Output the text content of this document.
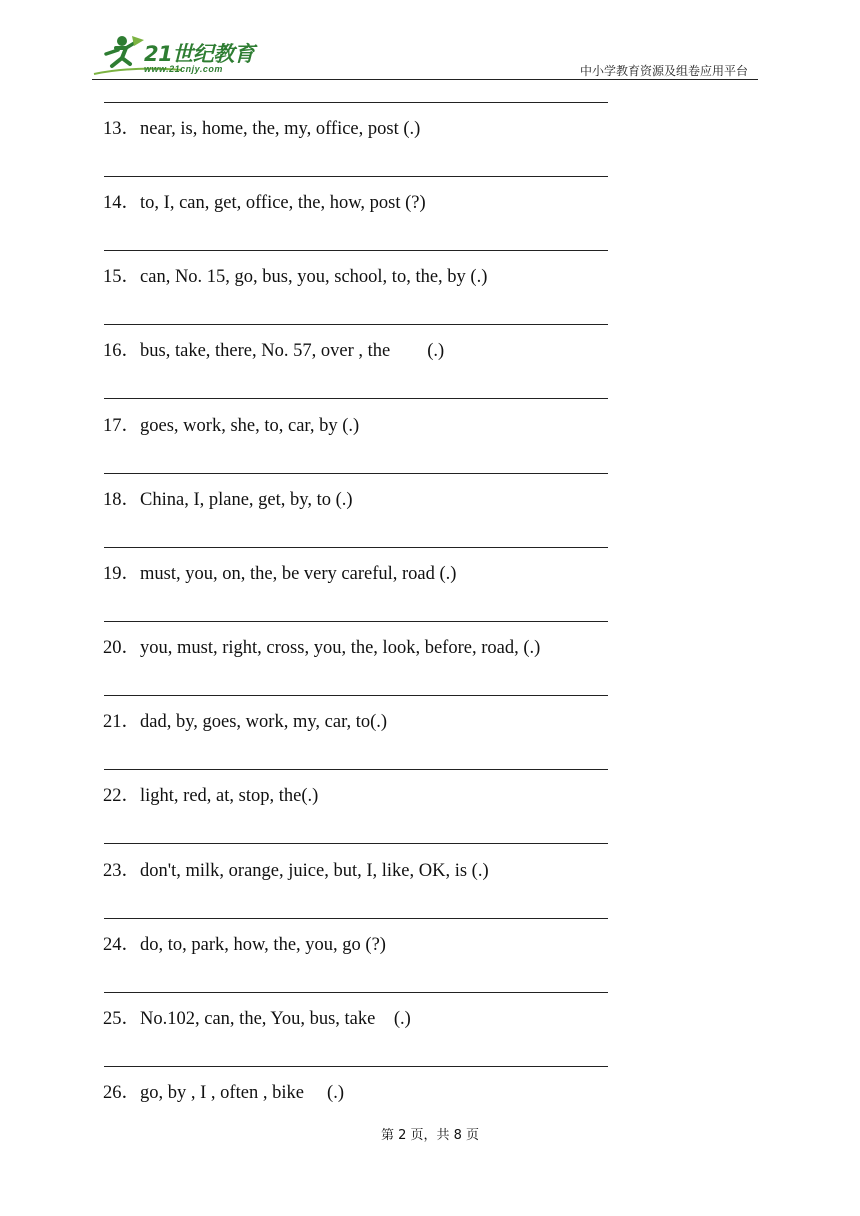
21世纪教育
www.21cnjy.com	中小学教育资源及组卷应用平台
13．near, is, home, the, my, office, post (.)
14．to, I, can, get, office, the, how, post (?)
15．can, No. 15, go, bus, you, school, to, the, by (.)
16．bus, take, there, No. 57, over , the        (.)
17．goes, work, she, to, car, by (.)
18．China, I, plane, get, by, to (.)
19．must, you, on, the, be very careful, road (.)
20．you, must, right, cross, you, the, look, before, road, (.)
21．dad, by, goes, work, my, car, to(.)
22．light, red, at, stop, the(.)
23．don't, milk, orange, juice, but, I, like, OK, is (.)
24．do, to, park, how, the, you, go (?)
25．No.102, can, the, You, bus, take    (.)
26．go, by , I , often , bike     (.)
第 2 页，共 8 页
